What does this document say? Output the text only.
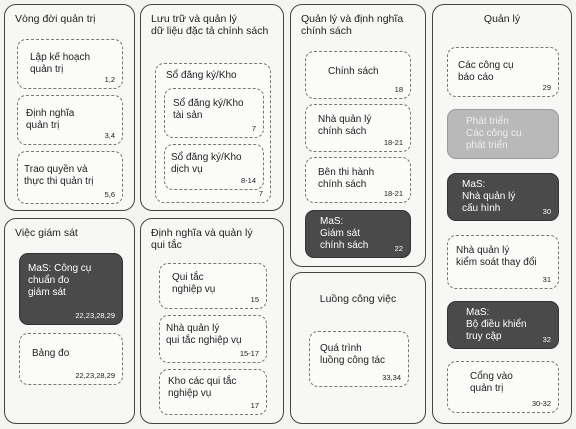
Vòng đời quản trị
Lập kế hoạch
quản trị
1,2
Định nghĩa
quản trị
3,4
Trao quyền và
thực thi quản trị
5,6
Lưu trữ và quản lý
dữ liệu đặc tả chính sách
Sổ đăng ký/Kho
7
Sổ đăng ký/Kho
tài sản
7
Sổ đăng ký/Kho
dịch vụ
8-14
Quản lý và định nghĩa
chính sách
Chính sách
18
Nhà quản lý
chính sách
18-21
Bên thi hành
chính sách
18-21
MaS:
Giám sát
chính sách	22
Quản lý
Các công cụ
báo cáo
29
Phát triển
Các công cụ
phát triển
MaS:
Nhà quản lý
cấu hình	30
Nhà quản lý
kiểm soát thay đổi
31
MaS:
Bộ điều khiển
truy cập	32
Cổng vào
quản trị
30-32
Việc giám sát
MaS: Công cụ
chuẩn đo
giám sát
22,23,28,29
Bảng đo
22,23,28,29
Định nghĩa và quản lý
qui tắc
Qui tắc
nghiệp vụ
15
Nhà quản lý
qui tắc nghiệp vụ
15-17
Kho các qui tắc
nghiệp vụ
17
Luồng công việc
Quá trình
luồng công tác
33,34
